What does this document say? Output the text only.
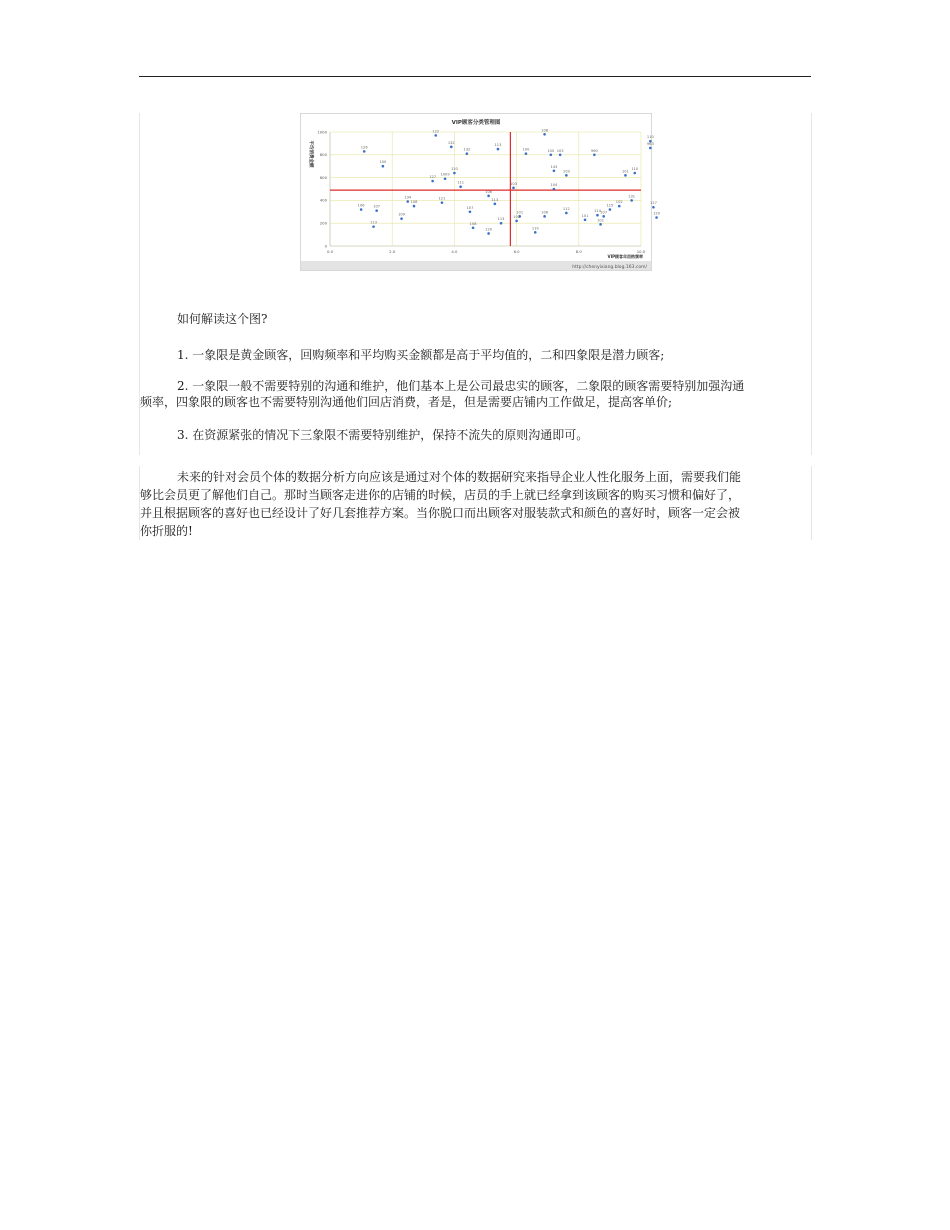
VIP顾客分类管理图
平均消费金额
VIP顾客年回购频率
http://chenyixiang.blog.163.com/
0.0	2.0	4.0	6.0	8.0	10.0
0
200
400
600
800
1000
126
100
122
132
132
113
108
100	100 103	960
143
103
120
1009
127
111
101
110
110
963
103	104
106
113
106 107
134
108
121
107
109
113	108
120
113
101
103
119
106
112
101
114 107
101
102
115
131
127
129

如何解读这个图?

1. 一象限是黄金顾客，回购频率和平均购买金额都是高于平均值的，二和四象限是潜力顾客;

2. 一象限一般不需要特别的沟通和维护，他们基本上是公司最忠实的顾客，二象限的顾客需要特别加强沟通频率，四象限的顾客也不需要特别沟通他们回店消费，者是，但是需要店铺内工作做足，提高客单价;

3. 在资源紧张的情况下三象限不需要特别维护，保持不流失的原则沟通即可。

未来的针对会员个体的数据分析方向应该是通过对个体的数据研究来指导企业人性化服务上面，需要我们能够比会员更了解他们自己。那时当顾客走进你的店铺的时候，店员的手上就已经拿到该顾客的购买习惯和偏好了，并且根据顾客的喜好也已经设计了好几套推荐方案。当你脱口而出顾客对服装款式和颜色的喜好时，顾客一定会被你折服的!
